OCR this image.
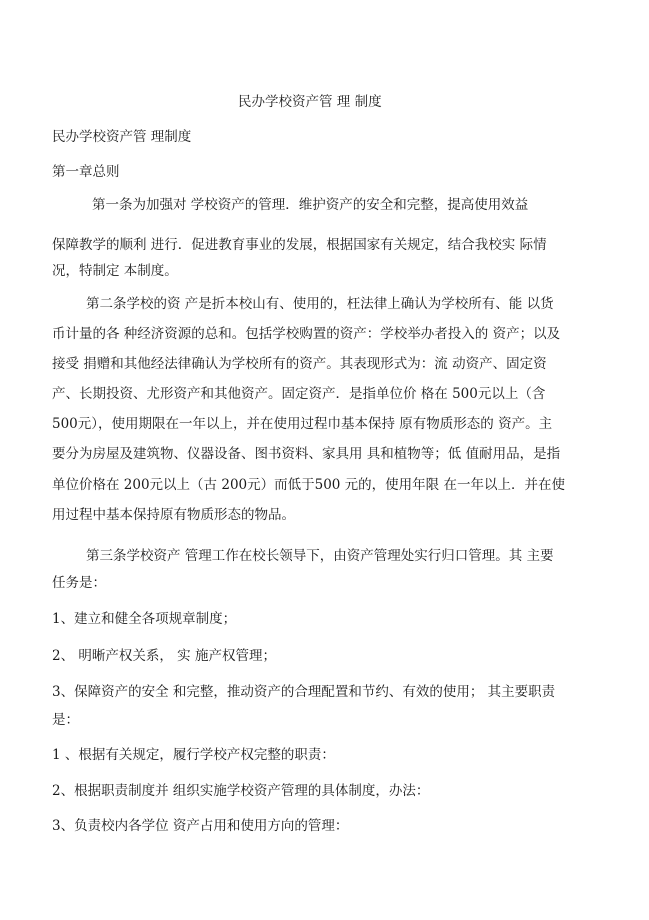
民办学校资产管 理 制度
民办学校资产管 理制度
第一章总则
第一条为加强对 学校资产的管理．维护资产的安全和完整，提高使用效益
保障教学的顺利 进行．促进教育事业的发展，根据国家有关规定，结合我校实 际情
况，特制定 本制度。
第二条学校的资 产是折本校山有、使用的，枉法律上确认为学校所有、能 以货
币计量的各 种经济资源的总和。包括学校购置的资产：学校举办者投入的 资产；以及
接受 捐赠和其他经法律确认为学校所有的资产。其表现形式为：流 动资产、固定资
产、长期投资、尤形资产和其他资产。固定资产．是指单位价 格在 500元以上（含
500元），使用期限在一年以上，并在使用过程巾基本保持 原有物质形态的 资产。主
要分为房屋及建筑物、仪器设备、图书资料、家具用 具和植物等；低 值耐用品，是指
单位价格在 200元以上（古 200元）而低于500 元的，使用年限 在一年以上．并在使
用过程中基本保持原有物质形态的物品。
第三条学校资产 管理工作在校长领导下，由资产管理处实行归口管理。其 主要
任务是：
1、建立和健全各项规章制度；
2、 明晰产权关系， 实 施产权管理；
3、保障资产的安全 和完整，推动资产的合理配置和节约、有效的使用； 其主要职责
是：
1 、根据有关规定，履行学校产权完整的职责：
2、根据职责制度并 组织实施学校资产管理的具体制度，办法：
3、负责校内各学位 资产占用和使用方向的管理：
